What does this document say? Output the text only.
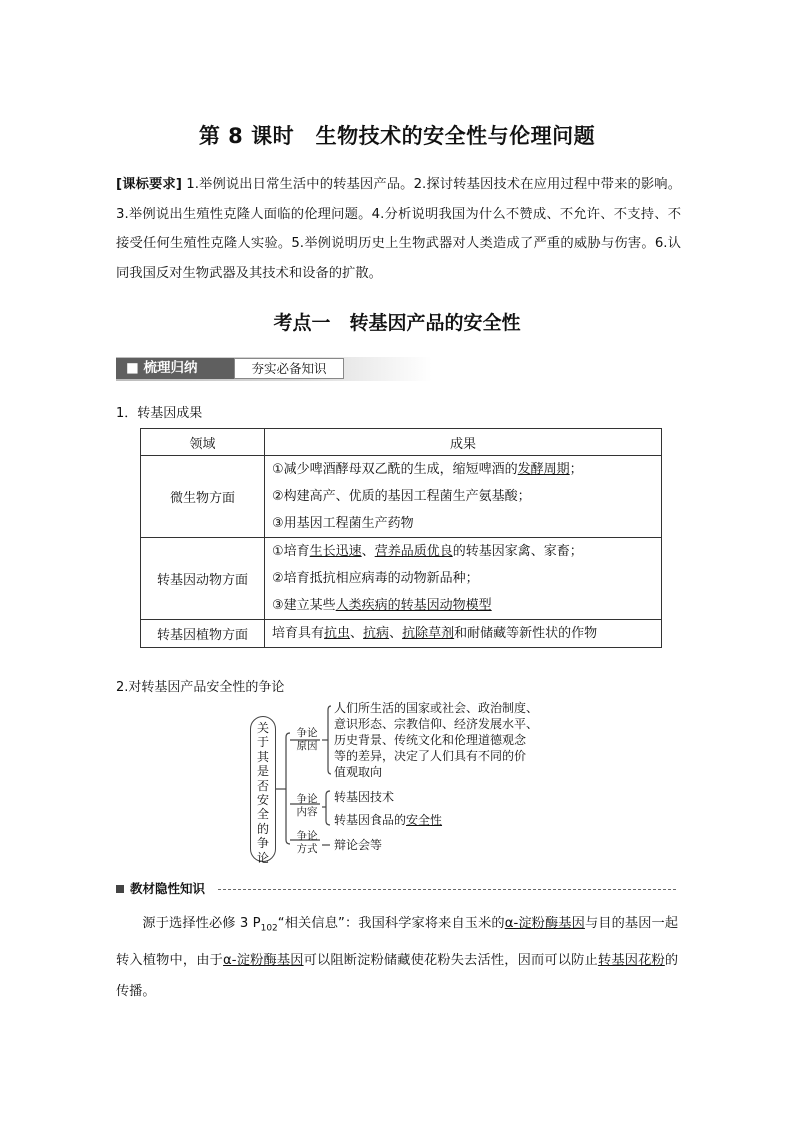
第 8 课时　生物技术的安全性与伦理问题
[课标要求] 1.举例说出日常生活中的转基因产品。2.探讨转基因技术在应用过程中带来的影响。3.举例说出生殖性克隆人面临的伦理问题。4.分析说明我国为什么不赞成、不允许、不支持、不接受任何生殖性克隆人实验。5.举例说明历史上生物武器对人类造成了严重的威胁与伤害。6.认同我国反对生物武器及其技术和设备的扩散。
考点一　转基因产品的安全性
■ 梳理归纳	夯实必备知识
1．转基因成果
领域	成果
微生物方面	①减少啤酒酵母双乙酰的生成，缩短啤酒的发酵周期；
②构建高产、优质的基因工程菌生产氨基酸；
③用基因工程菌生产药物

转基因动物方面	①培育生长迅速、营养品质优良的转基因家禽、家畜；
②培育抵抗相应病毒的动物新品种；
③建立某些人类疾病的转基因动物模型

转基因植物方面	培育具有抗虫、抗病、抗除草剂和耐储藏等新性状的作物
2.对转基因产品安全性的争论
关
于
其
是
否
安
全
的
争
论
争论
原因
人们所生活的国家或社会、政治制度、
意识形态、宗教信仰、经济发展水平、
历史背景、传统文化和伦理道德观念
等的差异，决定了人们具有不同的价
值观取向
争论
内容
转基因技术
转基因食品的安全性
争论
方式	辩论会等
教材隐性知识
源于选择性必修 3 $P_{102}“$相关信息”：我国科学家将来自玉米的α-淀粉酶基因与目的基因一起转入植物中，由于α-淀粉酶基因可以阻断淀粉储藏使花粉失去活性，因而可以防止转基因花粉的传播。
